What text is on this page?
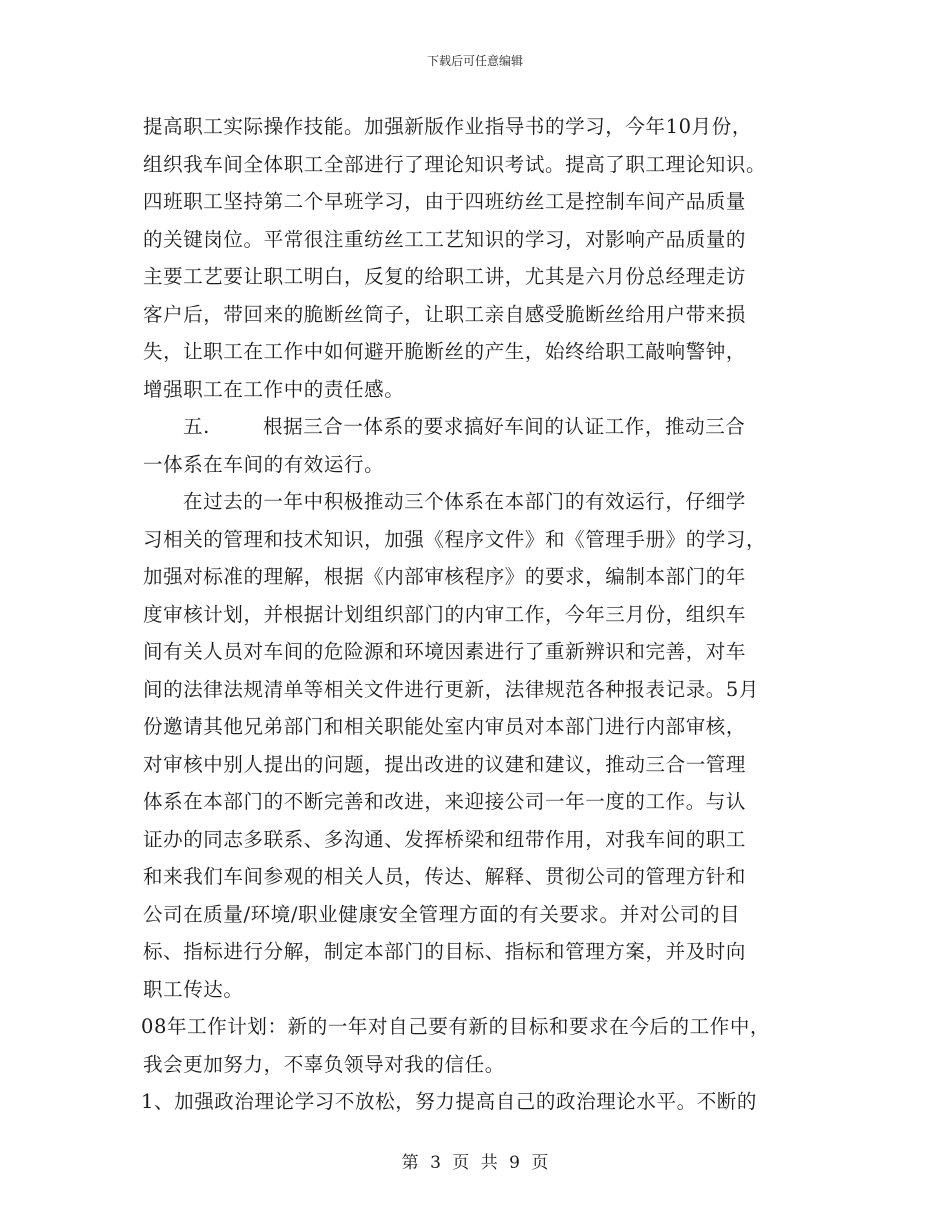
下载后可任意编辑
提高职工实际操作技能。加强新版作业指导书的学习，今年10月份，
组织我车间全体职工全部进行了理论知识考试。提高了职工理论知识。
四班职工坚持第二个早班学习，由于四班纺丝工是控制车间产品质量
的关键岗位。平常很注重纺丝工工艺知识的学习，对影响产品质量的
主要工艺要让职工明白，反复的给职工讲，尤其是六月份总经理走访
客户后，带回来的脆断丝筒子，让职工亲自感受脆断丝给用户带来损
失，让职工在工作中如何避开脆断丝的产生，始终给职工敲响警钟，
增强职工在工作中的责任感。
五.	根据三合一体系的要求搞好车间的认证工作，推动三合
一体系在车间的有效运行。
在过去的一年中积极推动三个体系在本部门的有效运行，仔细学
习相关的管理和技术知识，加强《程序文件》和《管理手册》的学习，
加强对标准的理解，根据《内部审核程序》的要求，编制本部门的年
度审核计划，并根据计划组织部门的内审工作，今年三月份，组织车
间有关人员对车间的危险源和环境因素进行了重新辨识和完善，对车
间的法律法规清单等相关文件进行更新，法律规范各种报表记录。5月
份邀请其他兄弟部门和相关职能处室内审员对本部门进行内部审核，
对审核中别人提出的问题，提出改进的议建和建议，推动三合一管理
体系在本部门的不断完善和改进，来迎接公司一年一度的工作。与认
证办的同志多联系、多沟通、发挥桥梁和纽带作用，对我车间的职工
和来我们车间参观的相关人员，传达、解释、贯彻公司的管理方针和
公司在质量/环境/职业健康安全管理方面的有关要求。并对公司的目
标、指标进行分解，制定本部门的目标、指标和管理方案，并及时向
职工传达。
08年工作计划：新的一年对自己要有新的目标和要求在今后的工作中，
我会更加努力，不辜负领导对我的信任。
1、加强政治理论学习不放松，努力提高自己的政治理论水平。不断的
第 3 页 共 9 页
